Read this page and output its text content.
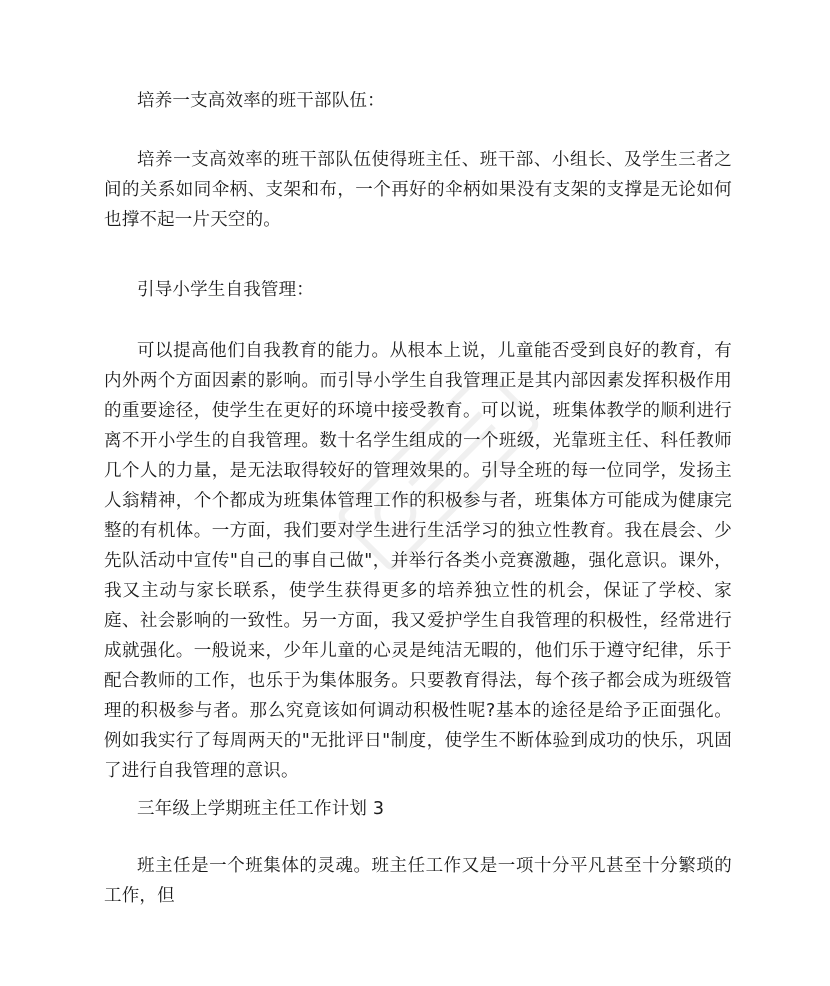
培养一支高效率的班干部队伍：

培养一支高效率的班干部队伍使得班主任、班干部、小组长、及学生三者之间的关系如同伞柄、支架和布，一个再好的伞柄如果没有支架的支撑是无论如何也撑不起一片天空的。

引导小学生自我管理：

可以提高他们自我教育的能力。从根本上说，儿童能否受到良好的教育，有内外两个方面因素的影响。而引导小学生自我管理正是其内部因素发挥积极作用的重要途径，使学生在更好的环境中接受教育。可以说，班集体教学的顺利进行离不开小学生的自我管理。数十名学生组成的一个班级，光靠班主任、科任教师几个人的力量，是无法取得较好的管理效果的。引导全班的每一位同学，发扬主人翁精神，个个都成为班集体管理工作的积极参与者，班集体方可能成为健康完整的有机体。一方面，我们要对学生进行生活学习的独立性教育。我在晨会、少先队活动中宣传"自己的事自己做"，并举行各类小竞赛激趣，强化意识。课外，我又主动与家长联系，使学生获得更多的培养独立性的机会，保证了学校、家庭、社会影响的一致性。另一方面，我又爱护学生自我管理的积极性，经常进行成就强化。一般说来，少年儿童的心灵是纯洁无暇的，他们乐于遵守纪律，乐于配合教师的工作，也乐于为集体服务。只要教育得法，每个孩子都会成为班级管理的积极参与者。那么究竟该如何调动积极性呢?基本的途径是给予正面强化。例如我实行了每周两天的"无批评日"制度，使学生不断体验到成功的快乐，巩固了进行自我管理的意识。

三年级上学期班主任工作计划 3

班主任是一个班集体的灵魂。班主任工作又是一项十分平凡甚至十分繁琐的工作，但
